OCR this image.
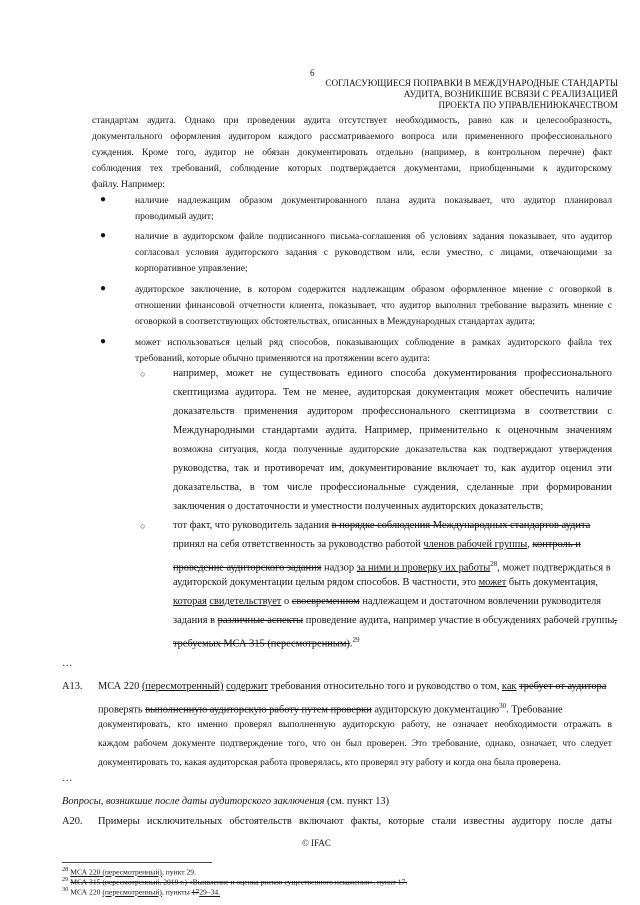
6
СОГЛАСУЮЩИЕСЯ ПОПРАВКИ В МЕЖДУНАРОДНЫЕ СТАНДАРТЫ
АУДИТА, ВОЗНИКШИЕ ВСВЯЗИ С РЕАЛИЗАЦИЕЙ
ПРОЕКТА ПО УПРАВЛЕНИЮКАЧЕСТВОМ
стандартам аудита. Однако при проведении аудита отсутствует необходимость, равно как и целесообразность,
документального оформления аудитором каждого рассматриваемого вопроса или примененного профессионального
суждения. Кроме того, аудитор не обязан документировать отдельно (например, в контрольном перечне) факт
соблюдения тех требований, соблюдение которых подтверждается документами, приобщенными к аудиторскому
файлу. Например:
●	наличие надлежащим образом документированного плана аудита показывает, что аудитор планировал
проводимый аудит;
●	наличие в аудиторском файле подписанного письма-соглашения об условиях задания показывает, что аудитор
согласовал условия аудиторского задания с руководством или, если уместно, с лицами, отвечающими за
корпоративное управление;
●	аудиторское заключение, в котором содержится надлежащим образом оформленное мнение с оговоркой в
отношении финансовой отчетности клиента, показывает, что аудитор выполнил требование выразить мнение с
оговоркой в соответствующих обстоятельствах, описанных в Международных стандартах аудита;
●	может использоваться целый ряд способов, показывающих соблюдение в рамках аудиторского файла тех
требований, которые обычно применяются на протяжении всего аудита:
○	например, может не существовать единого способа документирования профессионального
скептицизма аудитора. Тем не менее, аудиторская документация может обеспечить наличие
доказательств применения аудитором профессионального скептицизма в соответствии с
Международными стандартами аудита. Например, применительно к оценочным значениям
возможна ситуация, когда полученные аудиторские доказательства как подтверждают утверждения
руководства, так и противоречат им, документирование включает то, как аудитор оценил эти
доказательства, в том числе профессиональные суждения, сделанные при формировании
заключения о достаточности и уместности полученных аудиторских доказательств;
○	тот факт, что руководитель задания в порядке соблюдения Международных стандартов аудита
принял на себя ответственность за руководство работой членов рабочей группы, контроль и
проведение аудиторского задания надзор за ними и проверку их работы$^{28}$, может подтверждаться в
аудиторской документации целым рядом способов. В частности, это может быть документация,
которая свидетельствует о своевременном надлежащем и достаточном вовлечении руководителя
задания в различные аспекты проведение аудита, например участие в обсуждениях рабочей группы,
требуемых МСА 315 (пересмотренным).$^{29}$
…
A13. МСА 220 (пересмотренный) содержит требования относительно того и руководство о том, как требует от аудитора
проверять выполненную аудиторскую работу путем проверки аудиторскую документацию$^{30}$. Требование
документировать, кто именно проверял выполненную аудиторскую работу, не означает необходимости отражать в
каждом рабочем документе подтверждение того, что он был проверен. Это требование, однако, означает, что следует
документировать то, какая аудиторская работа проверялась, кто проверял эту работу и когда она была проверена.
…
$^{28}$ МСА 220 (пересмотренный), пункт 29.
$^{29}$ МСА 315 (пересмотренный, 2019 г.) «Выявление и оценка рисков существенного искажения», пункт 17.
$^{30}$ МСА 220 (пересмотренный), пункты 1729–34.
Вопросы, возникшие после даты аудиторского заключения (см. пункт 13)
A20. Примеры исключительных обстоятельств включают факты, которые стали известны аудитору после даты
© IFAC
